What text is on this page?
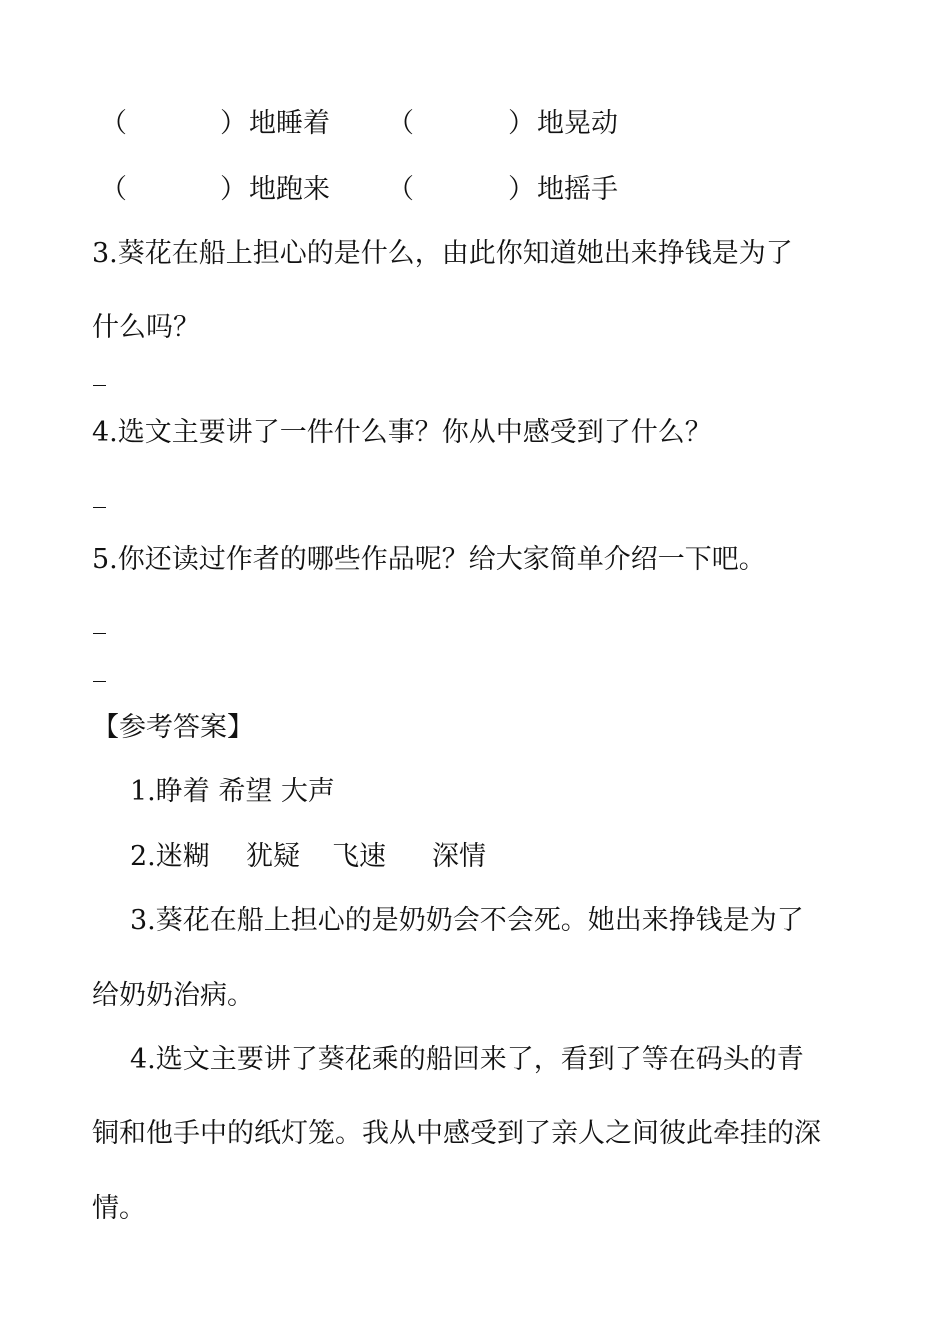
（	） 地睡着 （	） 地晃动
（	） 地跑来 （	） 地摇手
3.葵花在船上担心的是什么，由此你知道她出来挣钱是为了
什么吗？
4.选文主要讲了一件什么事？你从中感受到了什么？
5.你还读过作者的哪些作品呢？给大家简单介绍一下吧。
【参考答案】
1.睁着 希望 大声
2.迷糊 犹疑 飞速 深情
3.葵花在船上担心的是奶奶会不会死。她出来挣钱是为了
给奶奶治病。
4.选文主要讲了葵花乘的船回来了，看到了等在码头的青
铜和他手中的纸灯笼。我从中感受到了亲人之间彼此牵挂的深
情。
